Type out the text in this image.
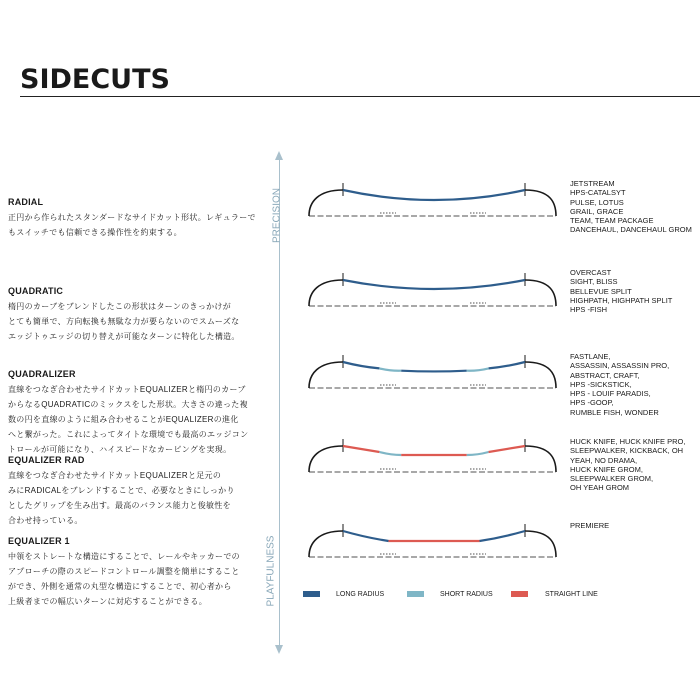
SIDECUTS
RADIAL
正円から作られたスタンダードなサイドカット形状。レギュラーで
もスイッチでも信頼できる操作性を約束する。
QUADRATIC
楕円のカーブをブレンドしたこの形状はターンのきっかけが
とても簡単で、方向転換も無駄な力が要らないのでスムーズな
エッジトゥエッジの切り替えが可能なターンに特化した構造。
QUADRALIZER
直線をつなぎ合わせたサイドカットEQUALIZERと楕円のカーブ
からなるQUADRATICのミックスをした形状。大きさの違った複
数の円を直線のように組み合わせることがEQUALIZERの進化
へと繋がった。これによってタイトな環境でも最高のエッジコン
トロールが可能になり、ハイスピードなカービングを実現。
EQUALIZER RAD
直線をつなぎ合わせたサイドカットEQUALIZERと足元の
みにRADICALをブレンドすることで、必要なときにしっかり
としたグリップを生み出す。最高のバランス能力と俊敏性を
合わせ持っている。
EQUALIZER 1
中領をストレートな構造にすることで、レールやキッカーでの
アプローチの際のスピードコントロール調整を簡単にすること
ができ、外側を通常の丸型な構造にすることで、初心者から
上級者までの幅広いターンに対応することができる。
PRECISION
PLAYFULNESS
JETSTREAM
HPS-CATALSYT
PULSE, LOTUS
GRAIL, GRACE
TEAM, TEAM PACKAGE
DANCEHAUL, DANCEHAUL GROM
OVERCAST
SIGHT, BLISS
BELLEVUE SPLIT
HIGHPATH, HIGHPATH SPLIT
HPS -FISH
FASTLANE,
ASSASSIN, ASSASSIN PRO,
ABSTRACT, CRAFT,
HPS -SICKSTICK,
HPS - LOUIF PARADIS,
HPS -GOOP,
RUMBLE FISH, WONDER
HUCK KNIFE, HUCK KNIFE PRO,
SLEEPWALKER, KICKBACK, OH
YEAH, NO DRAMA,
HUCK KNIFE GROM,
SLEEPWALKER GROM,
OH YEAH GROM
PREMIERE
LONG RADIUS	SHORT RADIUS	STRAIGHT LINE
